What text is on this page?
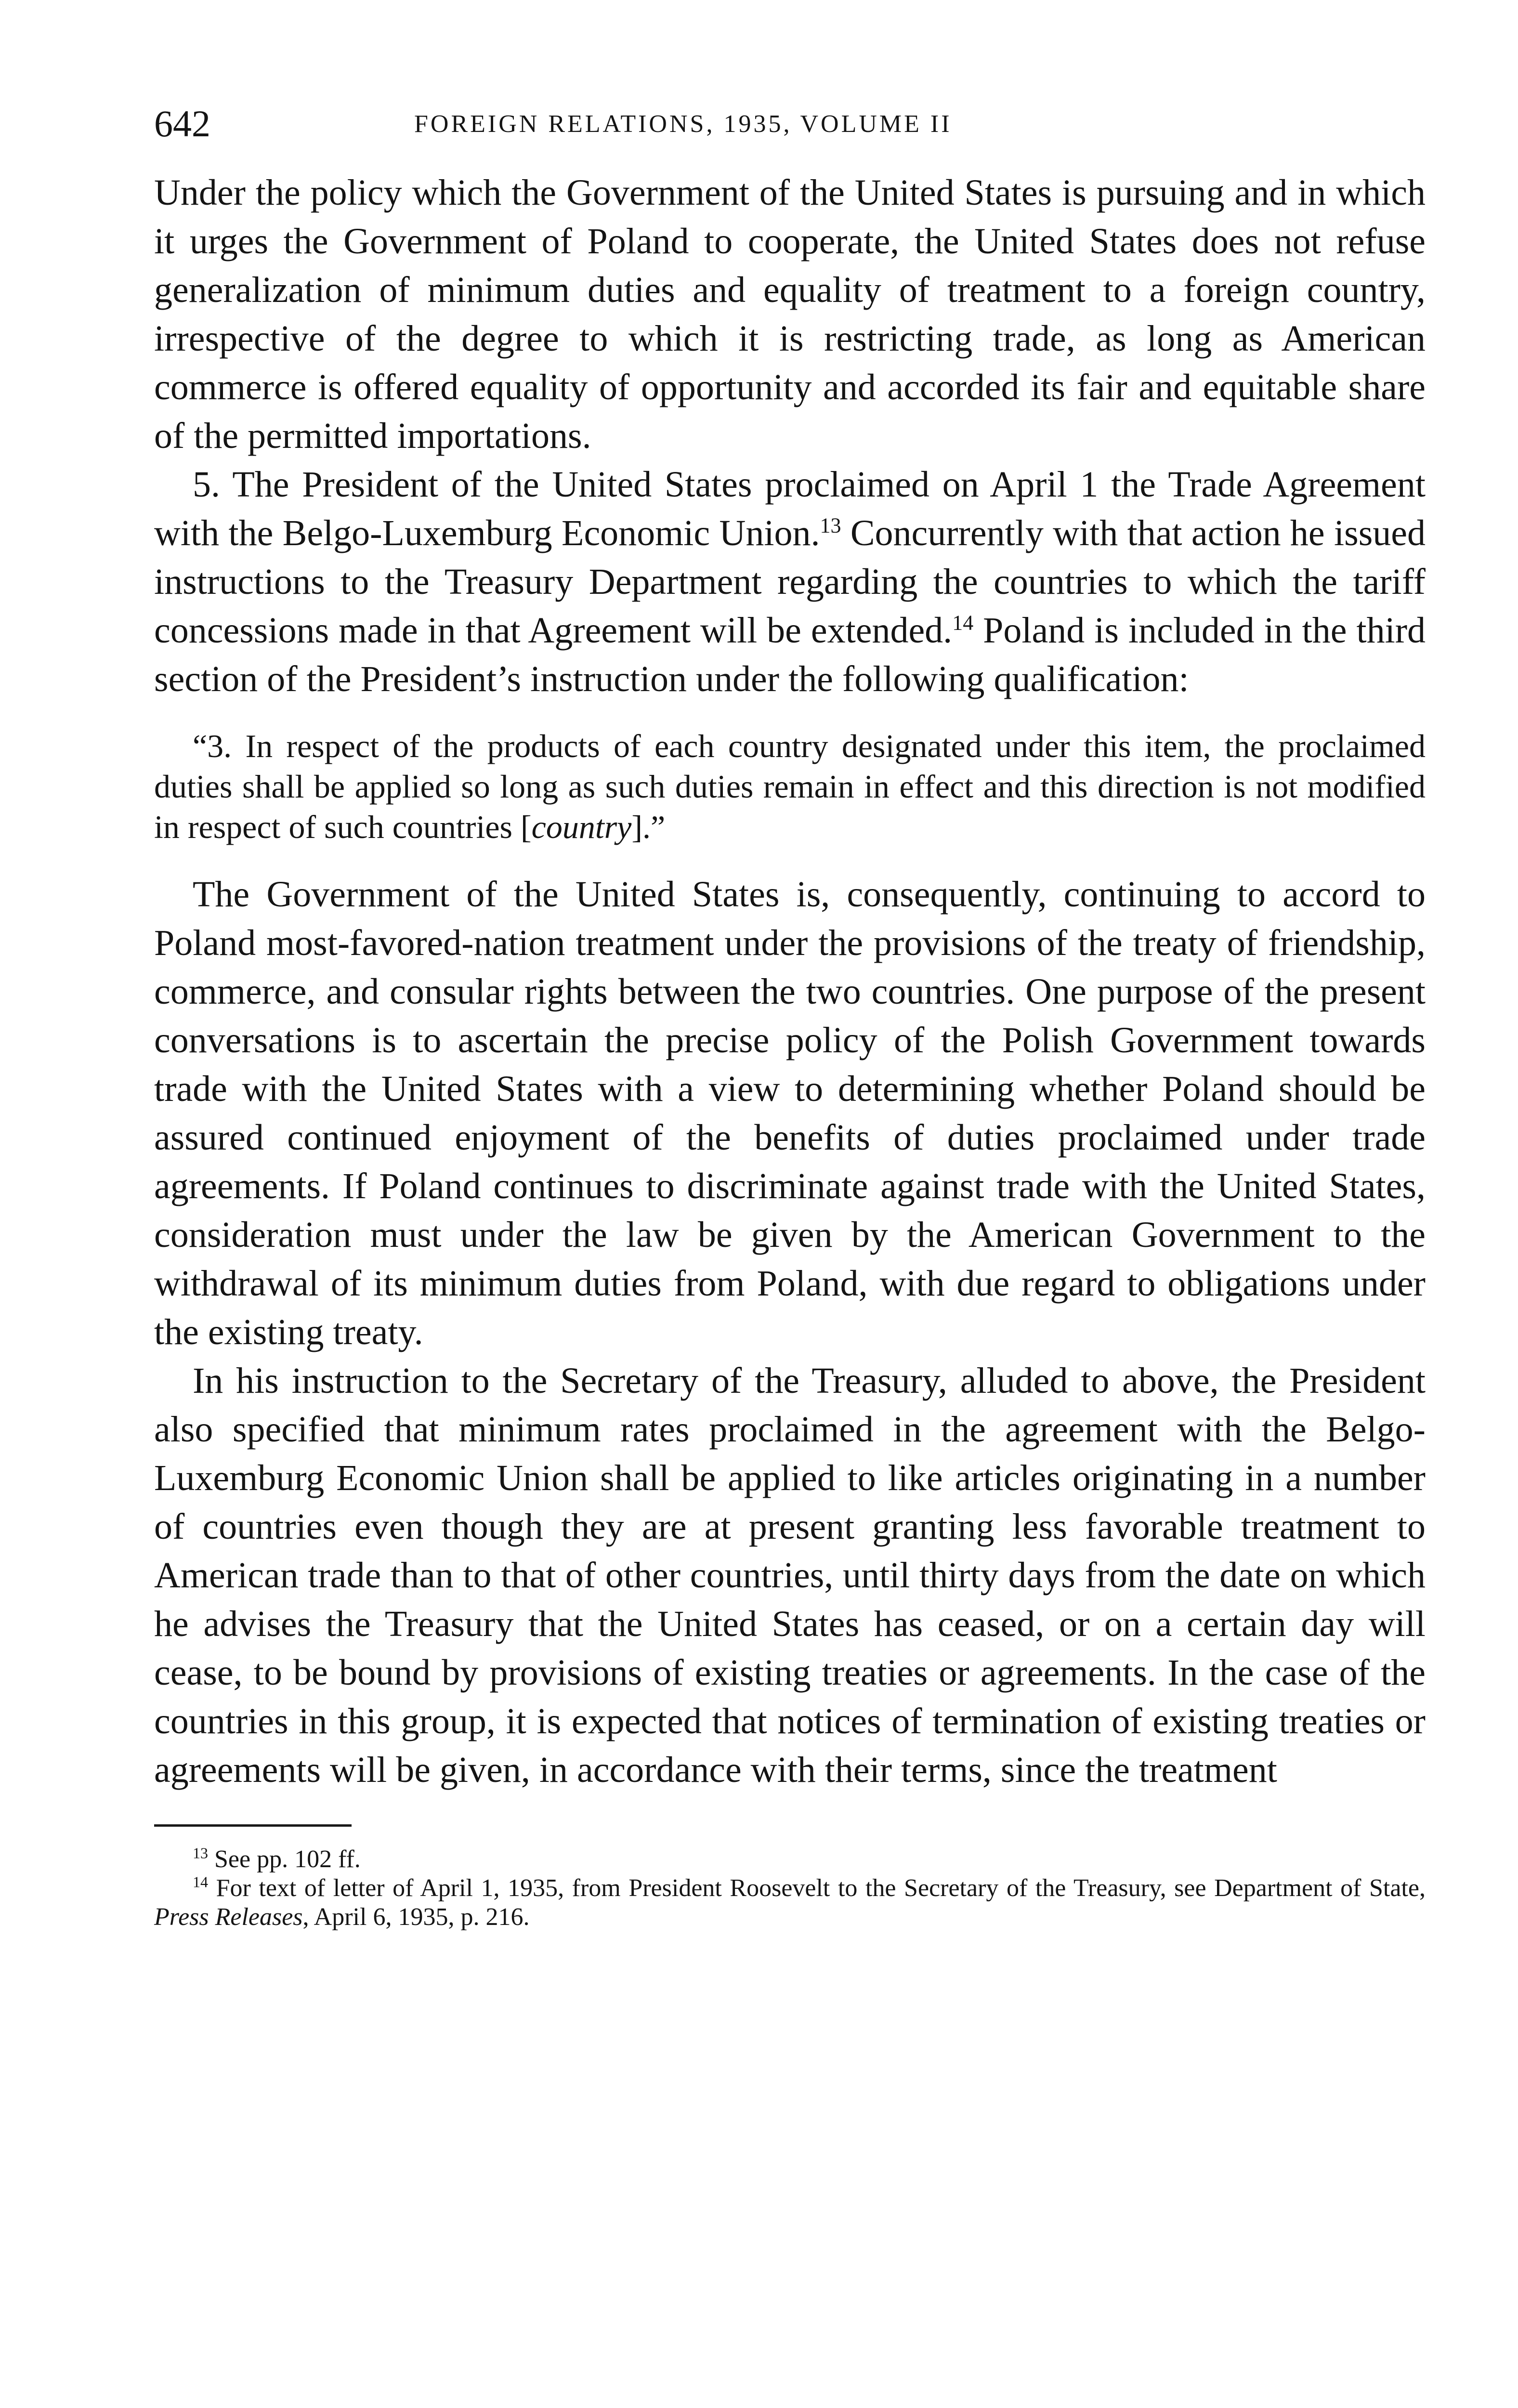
642	FOREIGN RELATIONS, 1935, VOLUME II

Under the policy which the Government of the United States is pursuing and in which it urges the Government of Poland to cooperate, the United States does not refuse generalization of minimum duties and equality of treatment to a foreign country, irrespective of the degree to which it is restricting trade, as long as American commerce is offered equality of opportunity and accorded its fair and equitable share of the permitted importations.

5. The President of the United States proclaimed on April 1 the Trade Agreement with the Belgo-Luxemburg Economic Union.$^{13}$ Concurrently with that action he issued instructions to the Treasury Department regarding the countries to which the tariff concessions made in that Agreement will be extended.$^{14}$ Poland is included in the third section of the President’s instruction under the following qualification:

“3. In respect of the products of each country designated under this item, the proclaimed duties shall be applied so long as such duties remain in effect and this direction is not modified in respect of such countries [country].”

The Government of the United States is, consequently, continuing to accord to Poland most-favored-nation treatment under the provisions of the treaty of friendship, commerce, and consular rights between the two countries. One purpose of the present conversations is to ascertain the precise policy of the Polish Government towards trade with the United States with a view to determining whether Poland should be assured continued enjoyment of the benefits of duties proclaimed under trade agreements. If Poland continues to discriminate against trade with the United States, consideration must under the law be given by the American Government to the withdrawal of its minimum duties from Poland, with due regard to obligations under the existing treaty.

In his instruction to the Secretary of the Treasury, alluded to above, the President also specified that minimum rates proclaimed in the agreement with the Belgo-Luxemburg Economic Union shall be applied to like articles originating in a number of countries even though they are at present granting less favorable treatment to American trade than to that of other countries, until thirty days from the date on which he advises the Treasury that the United States has ceased, or on a certain day will cease, to be bound by provisions of existing treaties or agreements. In the case of the countries in this group, it is expected that notices of termination of existing treaties or agreements will be given, in accordance with their terms, since the treatment

$^{13}$ See pp. 102 ff.

$^{14}$ For text of letter of April 1, 1935, from President Roosevelt to the Secretary of the Treasury, see Department of State, Press Releases, April 6, 1935, p. 216.
